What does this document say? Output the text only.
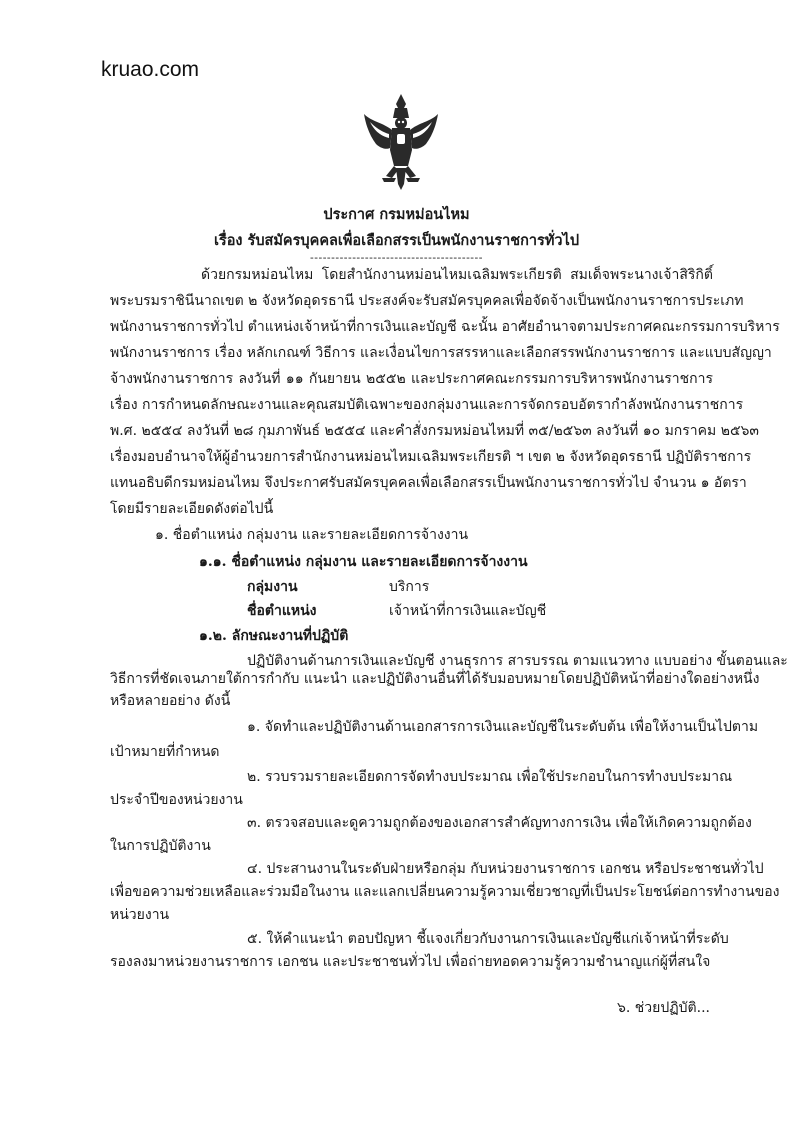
kruao.com
ประกาศ กรมหม่อนไหม
เรื่อง รับสมัครบุคคลเพื่อเลือกสรรเป็นพนักงานราชการทั่วไป
-----------------------------------------
ด้วยกรมหม่อนไหม โดยสำนักงานหม่อนไหมเฉลิมพระเกียรติ สมเด็จพระนางเจ้าสิริกิติ์
พระบรมราชินีนาถเขต ๒ จังหวัดอุดรธานี ประสงค์จะรับสมัครบุคคลเพื่อจัดจ้างเป็นพนักงานราชการประเภท
พนักงานราชการทั่วไป ตำแหน่งเจ้าหน้าที่การเงินและบัญชี ฉะนั้น อาศัยอำนาจตามประกาศคณะกรรมการบริหาร
พนักงานราชการ เรื่อง หลักเกณฑ์ วิธีการ และเงื่อนไขการสรรหาและเลือกสรรพนักงานราชการ และแบบสัญญา
จ้างพนักงานราชการ ลงวันที่ ๑๑ กันยายน ๒๕๕๒ และประกาศคณะกรรมการบริหารพนักงานราชการ
เรื่อง การกำหนดลักษณะงานและคุณสมบัติเฉพาะของกลุ่มงานและการจัดกรอบอัตรากำลังพนักงานราชการ
พ.ศ. ๒๕๕๔ ลงวันที่ ๒๘ กุมภาพันธ์ ๒๕๕๔ และคำสั่งกรมหม่อนไหมที่ ๓๕/๒๕๖๓ ลงวันที่ ๑๐ มกราคม ๒๕๖๓
เรื่องมอบอำนาจให้ผู้อำนวยการสำนักงานหม่อนไหมเฉลิมพระเกียรติ ฯ เขต ๒ จังหวัดอุดรธานี ปฏิบัติราชการ
แทนอธิบดีกรมหม่อนไหม จึงประกาศรับสมัครบุคคลเพื่อเลือกสรรเป็นพนักงานราชการทั่วไป จำนวน ๑ อัตรา
โดยมีรายละเอียดดังต่อไปนี้
๑. ชื่อตำแหน่ง กลุ่มงาน และรายละเอียดการจ้างงาน
๑.๑. ชื่อตำแหน่ง กลุ่มงาน และรายละเอียดการจ้างงาน
กลุ่มงาน	บริการ
ชื่อตำแหน่ง	เจ้าหน้าที่การเงินและบัญชี
๑.๒. ลักษณะงานที่ปฏิบัติ
ปฏิบัติงานด้านการเงินและบัญชี งานธุรการ สารบรรณ ตามแนวทาง แบบอย่าง ขั้นตอนและ
วิธีการที่ชัดเจนภายใต้การกำกับ แนะนำ และปฏิบัติงานอื่นที่ได้รับมอบหมายโดยปฏิบัติหน้าที่อย่างใดอย่างหนึ่ง
หรือหลายอย่าง ดังนี้
๑. จัดทำและปฏิบัติงานด้านเอกสารการเงินและบัญชีในระดับต้น เพื่อให้งานเป็นไปตาม
เป้าหมายที่กำหนด
๒. รวบรวมรายละเอียดการจัดทำงบประมาณ เพื่อใช้ประกอบในการทำงบประมาณ
ประจำปีของหน่วยงาน
๓. ตรวจสอบและดูความถูกต้องของเอกสารสำคัญทางการเงิน เพื่อให้เกิดความถูกต้อง
ในการปฏิบัติงาน
๔. ประสานงานในระดับฝ่ายหรือกลุ่ม กับหน่วยงานราชการ เอกชน หรือประชาชนทั่วไป
เพื่อขอความช่วยเหลือและร่วมมือในงาน และแลกเปลี่ยนความรู้ความเชี่ยวชาญที่เป็นประโยชน์ต่อการทำงานของ
หน่วยงาน
๕. ให้คำแนะนำ ตอบปัญหา ชี้แจงเกี่ยวกับงานการเงินและบัญชีแก่เจ้าหน้าที่ระดับ
รองลงมาหน่วยงานราชการ เอกชน และประชาชนทั่วไป เพื่อถ่ายทอดความรู้ความชำนาญแก่ผู้ที่สนใจ
๖. ช่วยปฏิบัติ...
